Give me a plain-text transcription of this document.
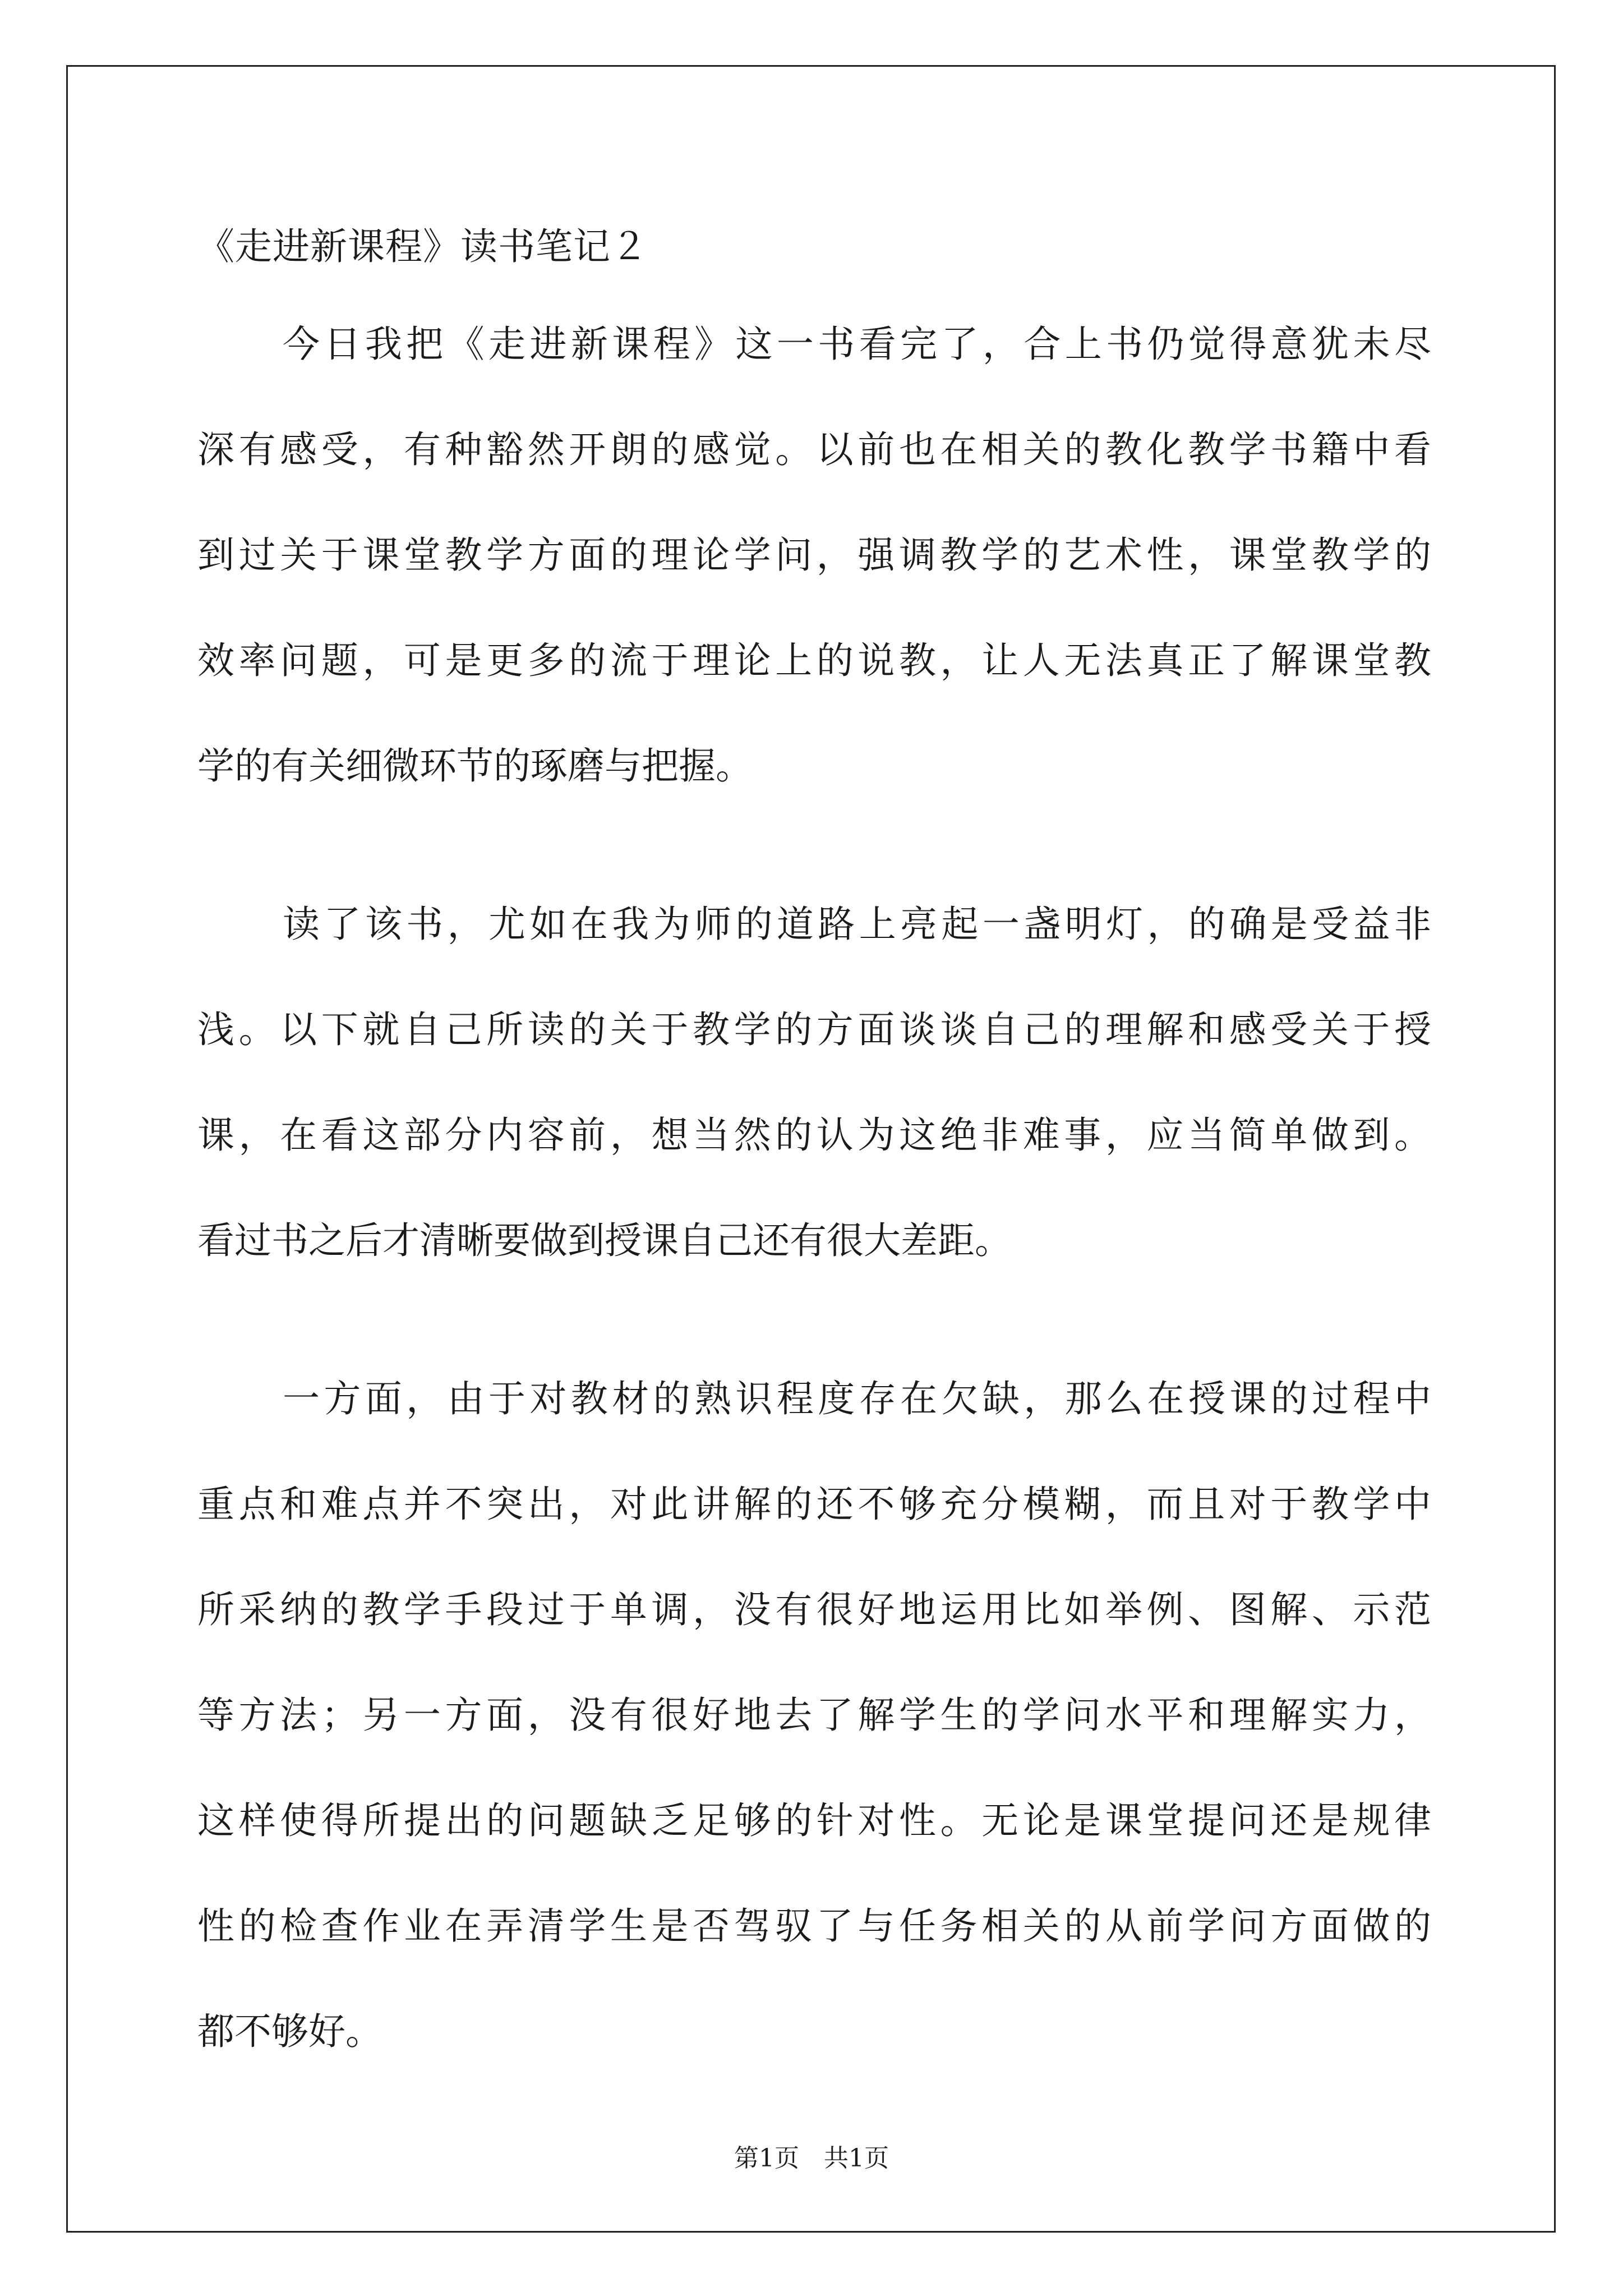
《走进新课程》读书笔记２
今日我把《走进新课程》这一书看完了，合上书仍觉得意犹未尽
深有感受，有种豁然开朗的感觉。以前也在相关的教化教学书籍中看
到过关于课堂教学方面的理论学问，强调教学的艺术性，课堂教学的
效率问题，可是更多的流于理论上的说教，让人无法真正了解课堂教
学的有关细微环节的琢磨与把握。
读了该书，尤如在我为师的道路上亮起一盏明灯，的确是受益非
浅。以下就自己所读的关于教学的方面谈谈自己的理解和感受关于授
课，在看这部分内容前，想当然的认为这绝非难事，应当简单做到。
看过书之后才清晰要做到授课自己还有很大差距。
一方面，由于对教材的熟识程度存在欠缺，那么在授课的过程中
重点和难点并不突出，对此讲解的还不够充分模糊，而且对于教学中
所采纳的教学手段过于单调，没有很好地运用比如举例、图解、示范
等方法；另一方面，没有很好地去了解学生的学问水平和理解实力，
这样使得所提出的问题缺乏足够的针对性。无论是课堂提问还是规律
性的检查作业在弄清学生是否驾驭了与任务相关的从前学问方面做的
都不够好。
第1页　共1页
